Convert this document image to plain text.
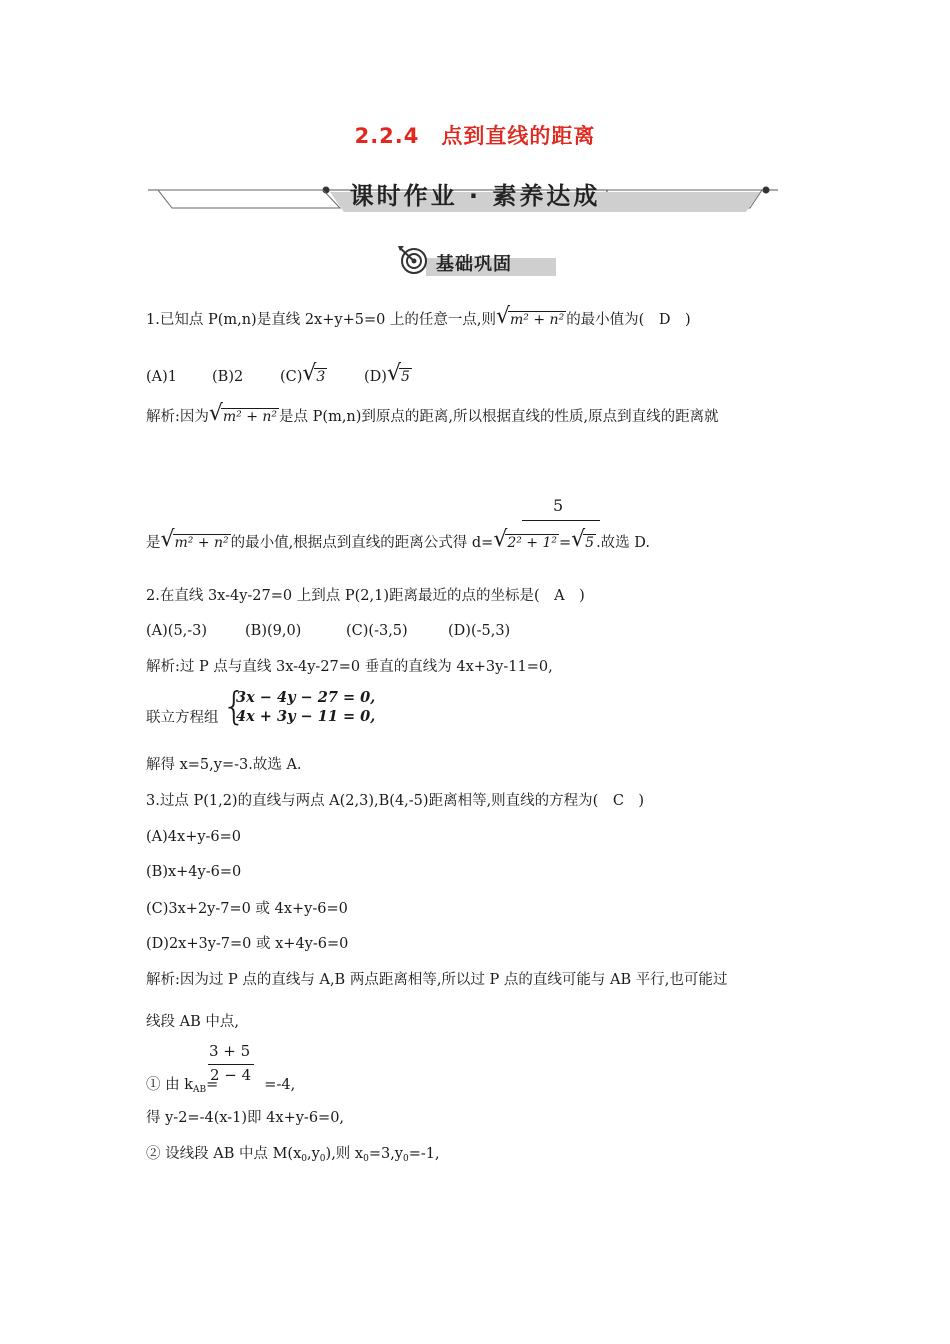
2.2.4　点到直线的距离
课时作业 · 素养达成
基础巩固
1.已知点 P(m,n)是直线 2x+y+5=0 上的任意一点,则 √ m² + n² 的最小值为(　D　)
(A)1 (B)2	(C) √ 3	(D) √ 5
解析:因为 √ m² + n² 是点 P(m,n)到原点的距离,所以根据直线的性质,原点到直线的距离就
5
是 √ m² + n² 的最小值,根据点到直线的距离公式得 d= √ 2² + 1² = √ 5 .故选 D.
2.在直线 3x-4y-27=0 上到点 P(2,1)距离最近的点的坐标是(　A　)
(A)(5,-3)	(B)(9,0)	(C)(-3,5)	(D)(-5,3)
解析:过 P 点与直线 3x-4y-27=0 垂直的直线为 4x+3y-11=0,
联立方程组 {
3x − 4y − 27 = 0,
4x + 3y − 11 = 0,
解得 x=5,y=-3.故选 A.
3.过点 P(1,2)的直线与两点 A(2,3),B(4,-5)距离相等,则直线的方程为(　C　)
(A)4x+y-6=0
(B)x+4y-6=0
(C)3x+2y-7=0 或 4x+y-6=0
(D)2x+3y-7=0 或 x+4y-6=0
解析:因为过 P 点的直线与 A,B 两点距离相等,所以过 P 点的直线可能与 AB 平行,也可能过
线段 AB 中点,
3 + 5
2 − 4
① 由 $k_{AB}=$	=-4,
得 y-2=-4(x-1)即 4x+y-6=0,
② 设线段 AB 中点 $M(x_0,y_0)$,则 $x_0=3,y_0=-1$,
